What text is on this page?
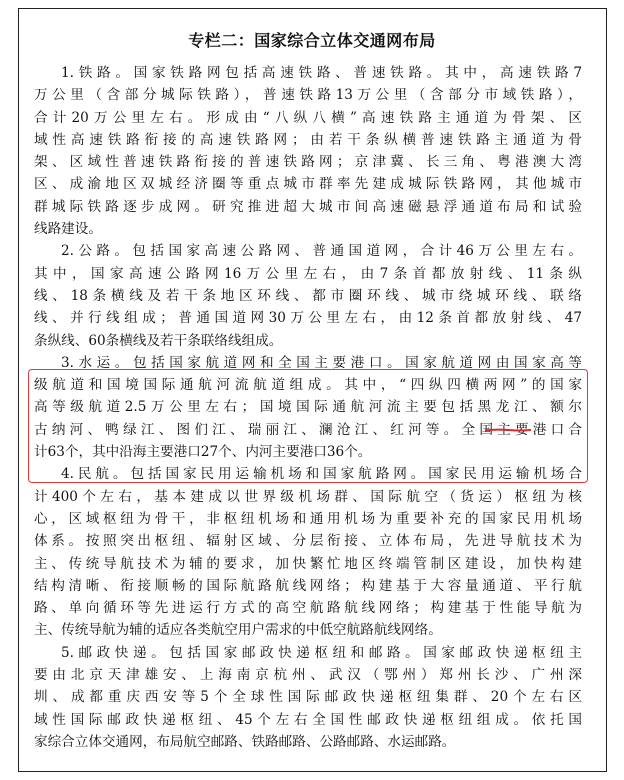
专栏二：国家综合立体交通网布局
1.铁路。国家铁路网包括高速铁路、普速铁路。其中，高速铁路7
万公里（含部分城际铁路），普速铁路13万公里（含部分市域铁路），
合计20万公里左右。形成由“八纵八横”高速铁路主通道为骨架、区
域性高速铁路衔接的高速铁路网；由若干条纵横普速铁路主通道为骨
架、区域性普速铁路衔接的普速铁路网；京津冀、长三角、粤港澳大湾
区、成渝地区双城经济圈等重点城市群率先建成城际铁路网，其他城市
群城际铁路逐步成网。研究推进超大城市间高速磁悬浮通道布局和试验
线路建设。
2.公路。包括国家高速公路网、普通国道网，合计46万公里左右。
其中，国家高速公路网16万公里左右，由7条首都放射线、11条纵
线、18条横线及若干条地区环线、都市圈环线、城市绕城环线、联络
线、并行线组成；普通国道网30万公里左右，由12条首都放射线、47
条纵线、60条横线及若干条联络线组成。
3.水运。包括国家航道网和全国主要港口。国家航道网由国家高等
级航道和国境国际通航河流航道组成。其中，“四纵四横两网”的国家
高等级航道2.5万公里左右；国境国际通航河流主要包括黑龙江、额尔
古纳河、鸭绿江、图们江、瑞丽江、澜沧江、红河等。全国主要港口合
计63个，其中沿海主要港口27个、内河主要港口36个。
4.民航。包括国家民用运输机场和国家航路网。国家民用运输机场合
计400个左右，基本建成以世界级机场群、国际航空（货运）枢纽为核
心，区域枢纽为骨干，非枢纽机场和通用机场为重要补充的国家民用机场
体系。按照突出枢纽、辐射区域、分层衔接、立体布局，先进导航技术为
主、传统导航技术为辅的要求，加快繁忙地区终端管制区建设，加快构建
结构清晰、衔接顺畅的国际航路航线网络；构建基于大容量通道、平行航
路、单向循环等先进运行方式的高空航路航线网络；构建基于性能导航为
主、传统导航为辅的适应各类航空用户需求的中低空航路航线网络。
5.邮政快递。包括国家邮政快递枢纽和邮路。国家邮政快递枢纽主
要由北京天津雄安、上海南京杭州、武汉（鄂州）郑州长沙、广州深
圳、成都重庆西安等5个全球性国际邮政快递枢纽集群、20个左右区
域性国际邮政快递枢纽、45个左右全国性邮政快递枢纽组成。依托国
家综合立体交通网，布局航空邮路、铁路邮路、公路邮路、水运邮路。
